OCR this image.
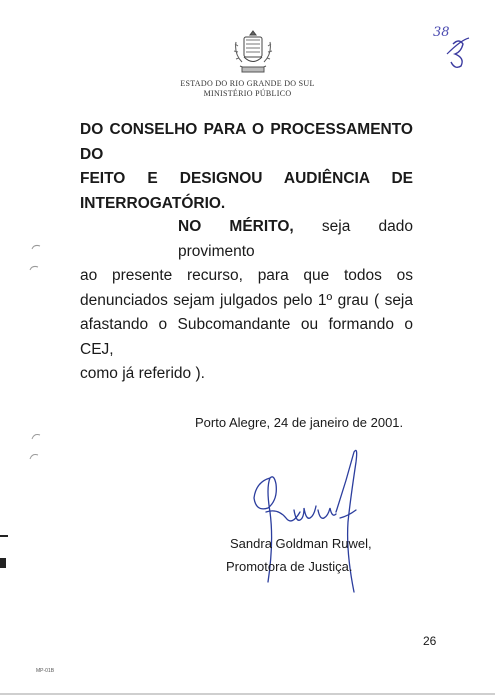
ESTADO DO RIO GRANDE DO SUL
MINISTÉRIO PÚBLICO
38
DO CONSELHO PARA O PROCESSAMENTO DO
FEITO E DESIGNOU AUDIÊNCIA DE
INTERROGATÓRIO.
NO MÉRITO, seja dado provimento
ao presente recurso, para que todos os
denunciados sejam julgados pelo 1º grau ( seja
afastando o Subcomandante ou formando o CEJ,
como já referido ).
Porto Alegre, 24 de janeiro de 2001.
Sandra Goldman Ruwel,
Promotora de Justiça.
26
MP-01B
